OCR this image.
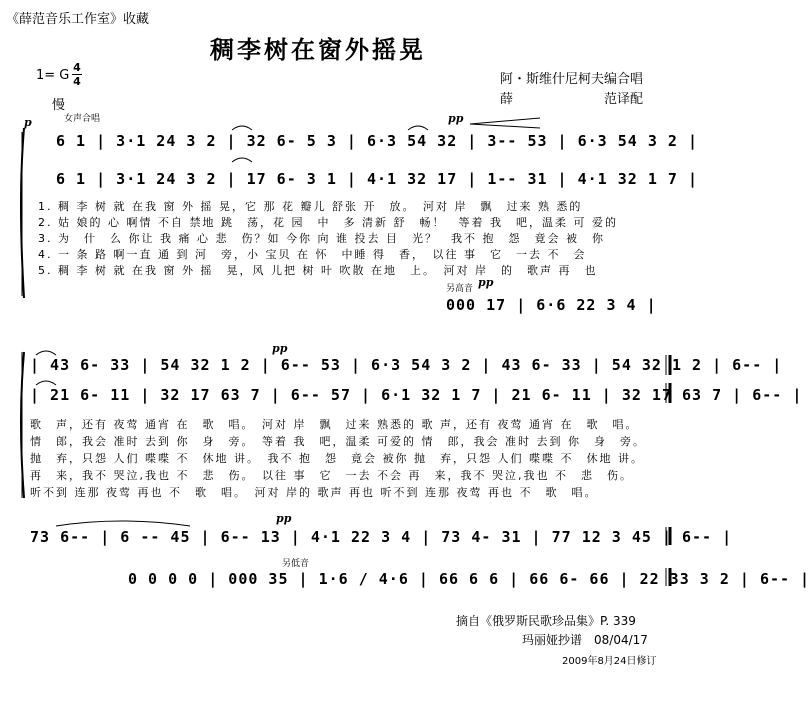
《薛范音乐工作室》收藏
稠李树在窗外摇晃
1= G
4
4
慢
女声合唱
阿・斯维什尼柯夫编合唱
薛　　　　　　　范译配
p	pp
6 1 | 3·1 24 3 2 | 32 6- 5 3 | 6·3 54 32 | 3-- 53 | 6·3 54 3 2 |
6 1 | 3·1 24 3 2 | 17 6- 3 1 | 4·1 32 17 | 1-- 31 | 4·1 32 1 7 |
1. 稠 李 树 就 在我 窗 外 摇 晃，它 那 花 瓣儿 舒张 开　放。　河对 岸　飘　过来 熟 悉的
2. 姑 娘的 心 啊情 不自 禁地 跳　荡，花 园　中　多 清新 舒　畅！　等着 我　吧，温柔 可 爱的
3. 为　什　么 你让 我 痛 心 悲　伤？如 今你 向 谁 投去 目　光？　我不 抱　怨　竟会 被　你
4. 一 条 路 啊一直 通 到 河　旁，小 宝贝 在 怀　中睡 得　香，　以往 事　它　一去 不　会
5. 稠 李 树 就 在我 窗 外 摇　晃，风 儿把 树 叶 吹散 在地　上。　河对 岸　的　歌声 再　也
另高音 pp
000 17 | 6·6 22 3 4 |
pp
| 43 6- 33 | 54 32 1 2 | 6-- 53 | 6·3 54 3 2 | 43 6- 33 | 54 32 1 2 | 6-- |
| 21 6- 11 | 32 17 63 7 | 6-- 57 | 6·1 32 1 7 | 21 6- 11 | 32 17 63 7 | 6-- |
歌　声，还有 夜莺 通宵 在　歌　唱。　河对 岸　飘　过来 熟悉的 歌 声，还有 夜莺 通宵 在　歌　唱。
情　郎，我会 准时 去到 你　身　旁。　等着 我　吧，温柔 可爱的 情　郎，我会 准时 去到 你　身　旁。
抛　弃，只怨 人们 喋喋 不　休地 讲。　我不 抱　怨　竟会 被你 抛　弃，只怨 人们 喋喋 不　休地 讲。
再　来，我不 哭泣,我也 不　悲　伤。　以往 事　它　一去 不会 再　来，我不 哭泣,我也 不　悲　伤。
听不到 连那 夜莺 再也 不　歌　唱。　河对 岸的 歌声 再也 听不到 连那 夜莺 再也 不　歌　唱。
pp
73 6-- | 6 -- 45 | 6-- 13 | 4·1 22 3 4 | 73 4- 31 | 77 12 3 45 | 6-- |
另低音
0 0 0 0 | 000 35 | 1·6 / 4·6 | 66 6 6 | 66 6- 66 | 22 33 3 2 | 6-- |
摘自《俄罗斯民歌珍品集》P. 339
玛丽娅抄谱　08/04/17
2009年8月24日修订
